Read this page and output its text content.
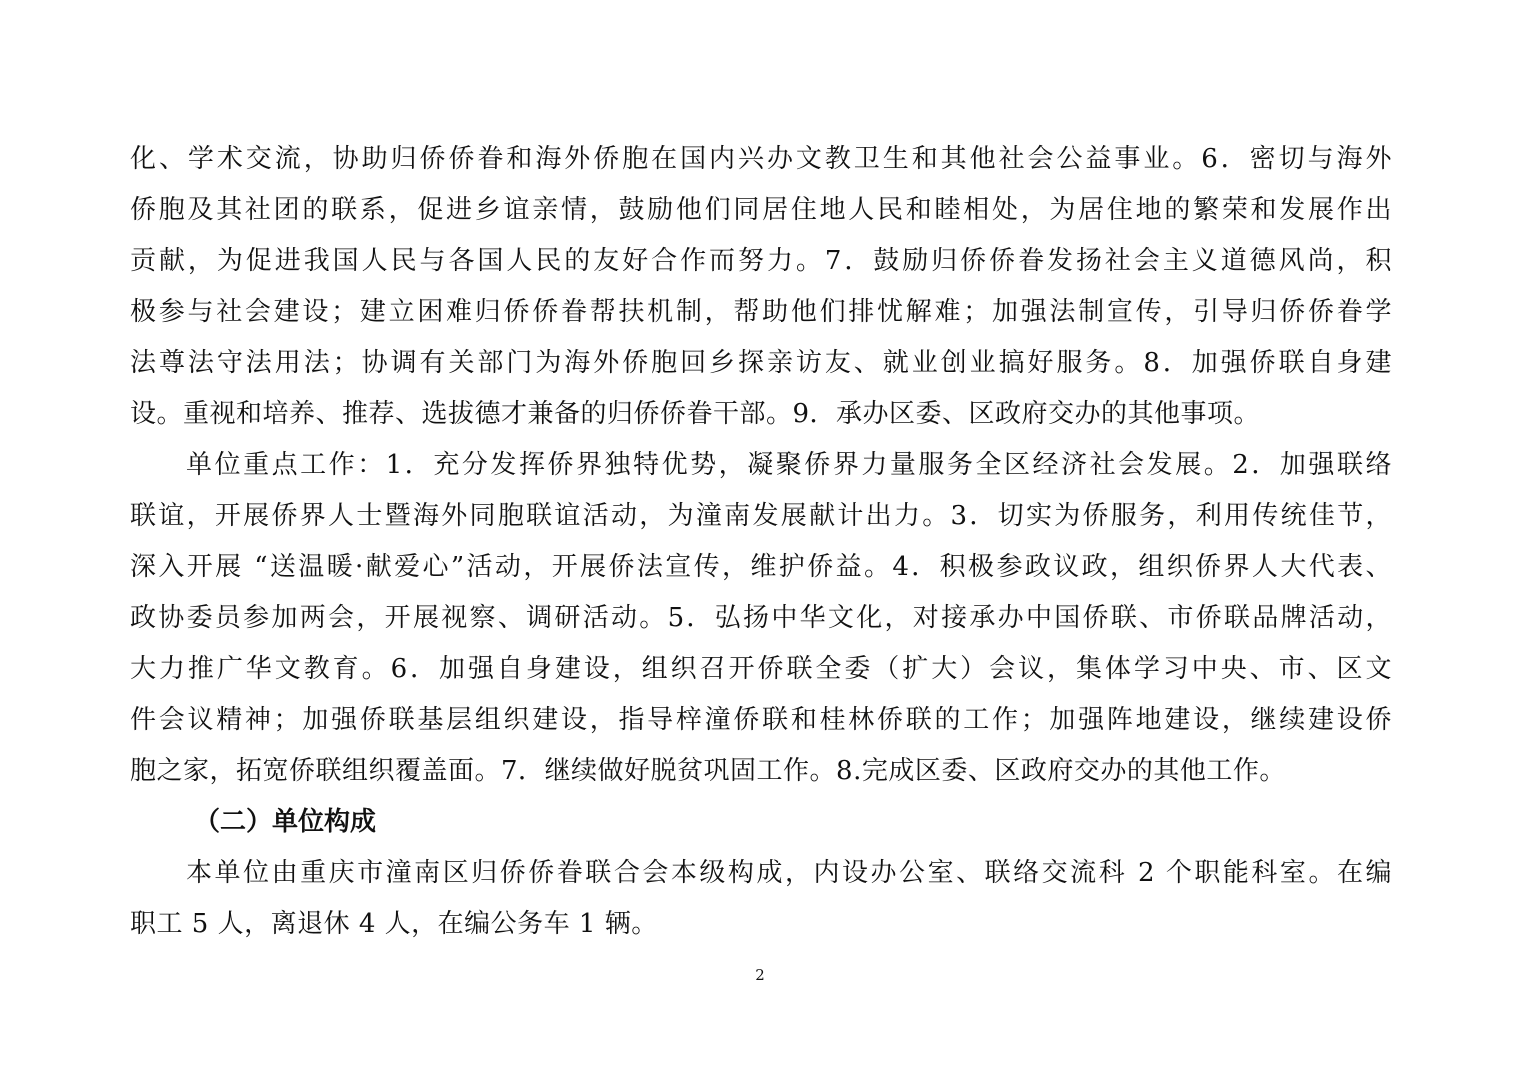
化、学术交流，协助归侨侨眷和海外侨胞在国内兴办文教卫生和其他社会公益事业。6．密切与海外
侨胞及其社团的联系，促进乡谊亲情，鼓励他们同居住地人民和睦相处，为居住地的繁荣和发展作出
贡献，为促进我国人民与各国人民的友好合作而努力。7．鼓励归侨侨眷发扬社会主义道德风尚，积
极参与社会建设；建立困难归侨侨眷帮扶机制，帮助他们排忧解难；加强法制宣传，引导归侨侨眷学
法尊法守法用法；协调有关部门为海外侨胞回乡探亲访友、就业创业搞好服务。8．加强侨联自身建
设。重视和培养、推荐、选拔德才兼备的归侨侨眷干部。9．承办区委、区政府交办的其他事项。
单位重点工作：1．充分发挥侨界独特优势，凝聚侨界力量服务全区经济社会发展。2．加强联络
联谊，开展侨界人士暨海外同胞联谊活动，为潼南发展献计出力。3．切实为侨服务，利用传统佳节，
深入开展 “送温暖·献爱心”活动，开展侨法宣传，维护侨益。4．积极参政议政，组织侨界人大代表、
政协委员参加两会，开展视察、调研活动。5．弘扬中华文化，对接承办中国侨联、市侨联品牌活动，
大力推广华文教育。6．加强自身建设，组织召开侨联全委（扩大）会议，集体学习中央、市、区文
件会议精神；加强侨联基层组织建设，指导梓潼侨联和桂林侨联的工作；加强阵地建设，继续建设侨
胞之家，拓宽侨联组织覆盖面。7．继续做好脱贫巩固工作。8.完成区委、区政府交办的其他工作。
（二）单位构成
本单位由重庆市潼南区归侨侨眷联合会本级构成，内设办公室、联络交流科 2 个职能科室。在编
职工 5 人，离退休 4 人，在编公务车 1 辆。
2
